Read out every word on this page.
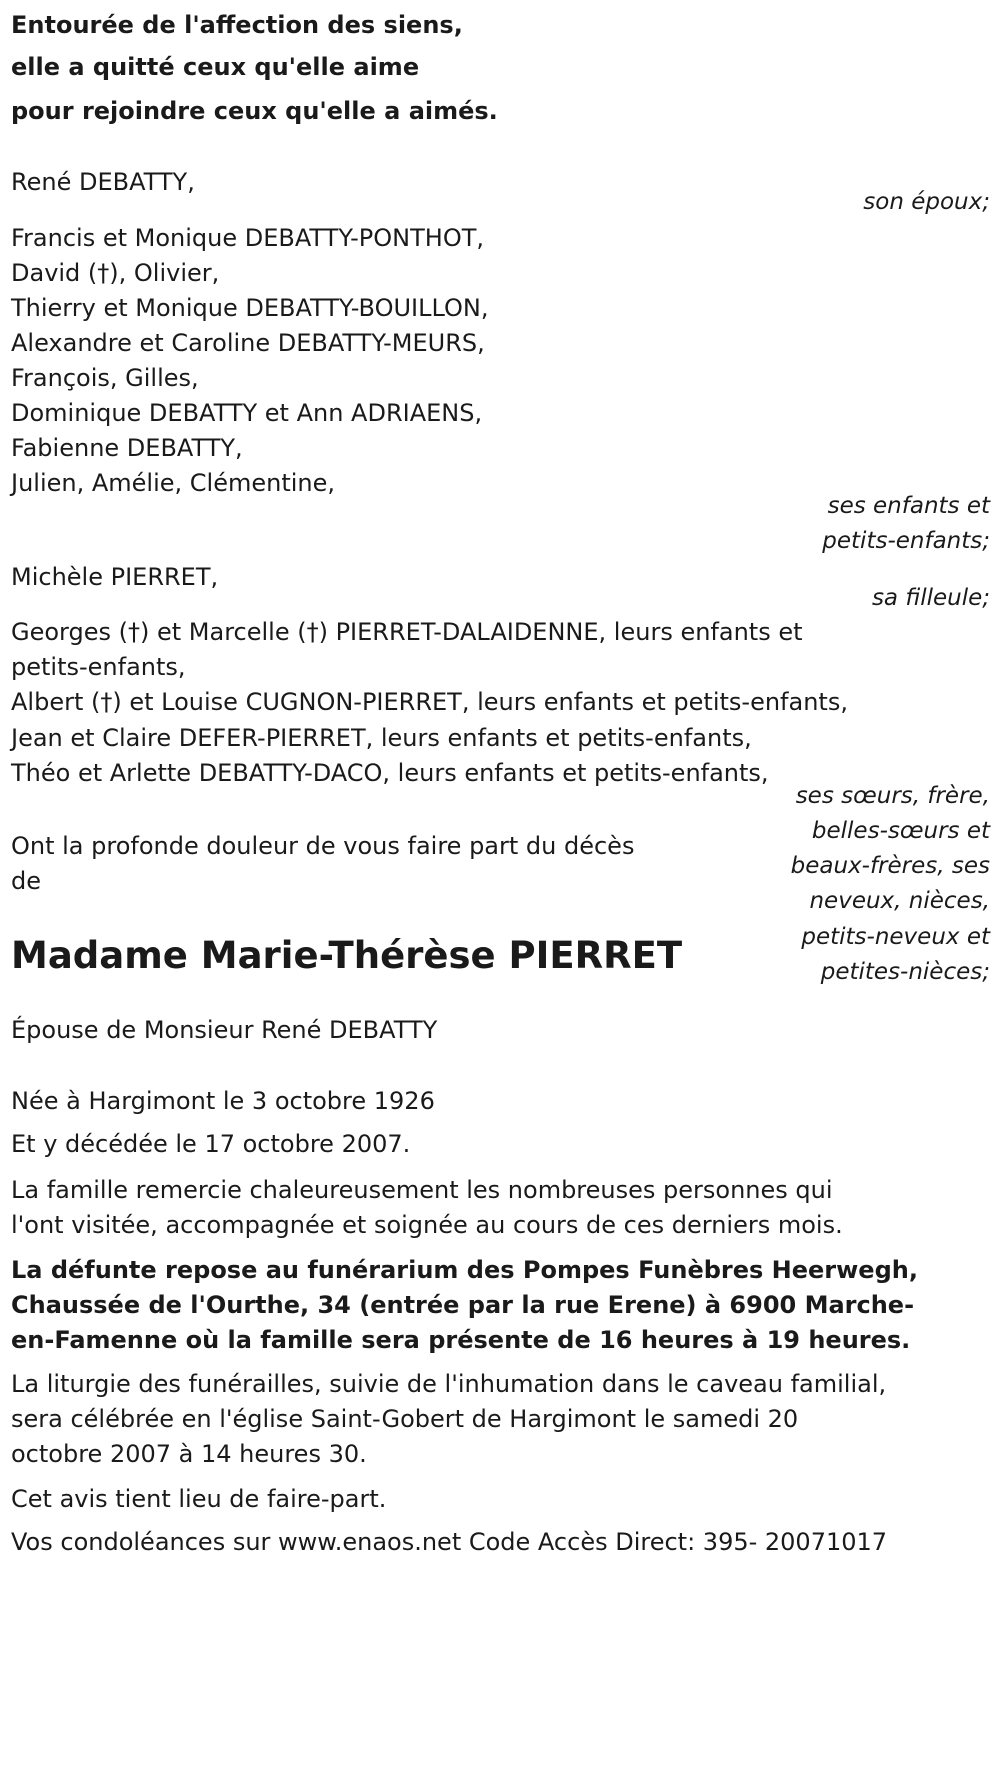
Entourée de l'affection des siens,
elle a quitté ceux qu'elle aime
pour rejoindre ceux qu'elle a aimés.
René DEBATTY,
son époux;
Francis et Monique DEBATTY-PONTHOT,
David (†), Olivier,
Thierry et Monique DEBATTY-BOUILLON,
Alexandre et Caroline DEBATTY-MEURS,
François, Gilles,
Dominique DEBATTY et Ann ADRIAENS,
Fabienne DEBATTY,
Julien, Amélie, Clémentine,
ses enfants et
petits-enfants;
Michèle PIERRET,
sa filleule;
Georges (†) et Marcelle (†) PIERRET-DALAIDENNE, leurs enfants et
petits-enfants,
Albert (†) et Louise CUGNON-PIERRET, leurs enfants et petits-enfants,
Jean et Claire DEFER-PIERRET, leurs enfants et petits-enfants,
Théo et Arlette DEBATTY-DACO, leurs enfants et petits-enfants,
ses sœurs, frère,
belles-sœurs et
beaux-frères, ses
neveux, nièces,
petits-neveux et
petites-nièces;
Ont la profonde douleur de vous faire part du décès
de
Madame Marie-Thérèse PIERRET
Épouse de Monsieur René DEBATTY
Née à Hargimont le 3 octobre 1926
Et y décédée le 17 octobre 2007.
La famille remercie chaleureusement les nombreuses personnes qui
l'ont visitée, accompagnée et soignée au cours de ces derniers mois.
La défunte repose au funérarium des Pompes Funèbres Heerwegh,
Chaussée de l'Ourthe, 34 (entrée par la rue Erene) à 6900 Marche-
en-Famenne où la famille sera présente de 16 heures à 19 heures.
La liturgie des funérailles, suivie de l'inhumation dans le caveau familial,
sera célébrée en l'église Saint-Gobert de Hargimont le samedi 20
octobre 2007 à 14 heures 30.
Cet avis tient lieu de faire-part.
Vos condoléances sur www.enaos.net Code Accès Direct: 395- 20071017
